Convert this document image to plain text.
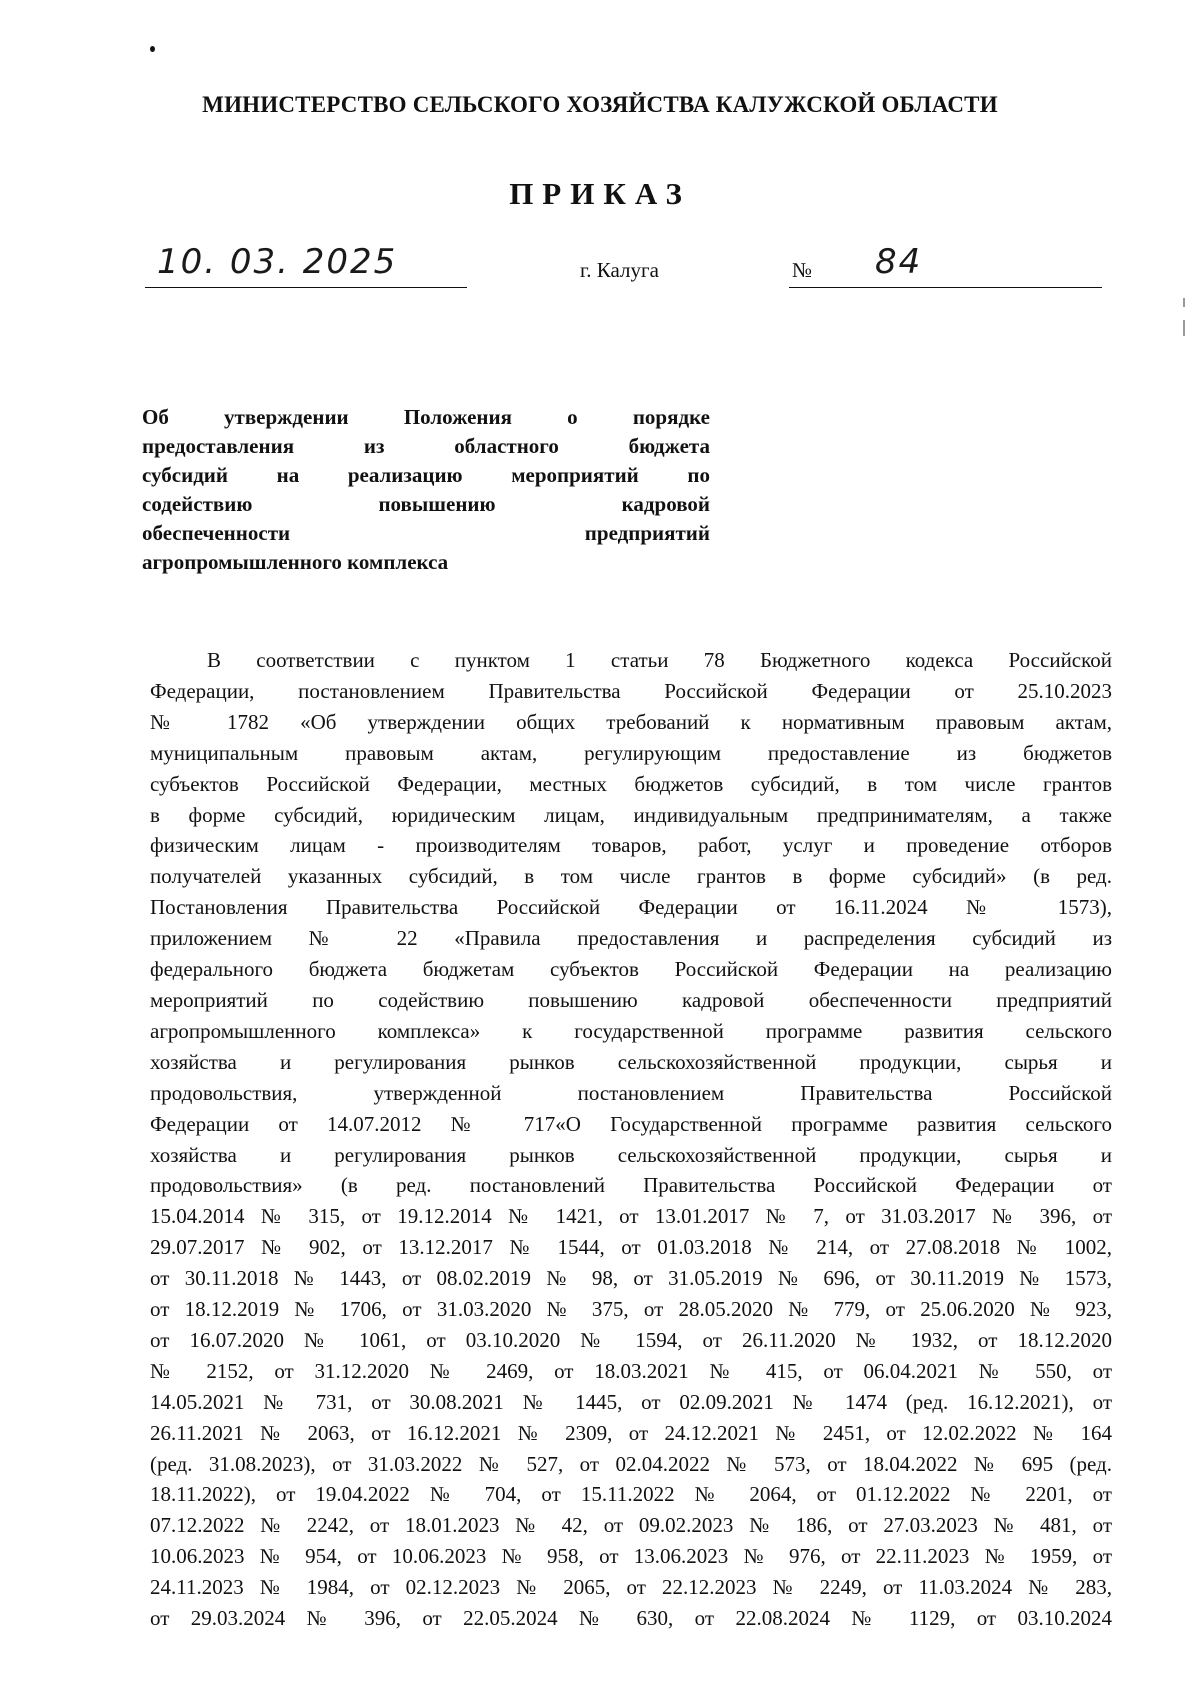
МИНИСТЕРСТВО СЕЛЬСКОГО ХОЗЯЙСТВА КАЛУЖСКОЙ ОБЛАСТИ
ПРИКАЗ
10. 03. 2025	г. Калуга	84
№
Об утверждении Положения о порядке
предоставления из областного бюджета
субсидий на реализацию мероприятий по
содействию повышению кадровой
обеспеченности предприятий
агропромышленного комплекса
В соответствии с пунктом 1 статьи 78 Бюджетного кодекса Российской
Федерации, постановлением Правительства Российской Федерации от 25.10.2023
№ 1782 «Об утверждении общих требований к нормативным правовым актам,
муниципальным правовым актам, регулирующим предоставление из бюджетов
субъектов Российской Федерации, местных бюджетов субсидий, в том числе грантов
в форме субсидий, юридическим лицам, индивидуальным предпринимателям, а также
физическим лицам - производителям товаров, работ, услуг и проведение отборов
получателей указанных субсидий, в том числе грантов в форме субсидий» (в ред.
Постановления Правительства Российской Федерации от 16.11.2024 № 1573),
приложением № 22 «Правила предоставления и распределения субсидий из
федерального бюджета бюджетам субъектов Российской Федерации на реализацию
мероприятий по содействию повышению кадровой обеспеченности предприятий
агропромышленного комплекса» к государственной программе развития сельского
хозяйства и регулирования рынков сельскохозяйственной продукции, сырья и
продовольствия, утвержденной постановлением Правительства Российской
Федерации от 14.07.2012 № 717«О Государственной программе развития сельского
хозяйства и регулирования рынков сельскохозяйственной продукции, сырья и
продовольствия» (в ред. постановлений Правительства Российской Федерации от
15.04.2014 № 315, от 19.12.2014 № 1421, от 13.01.2017 № 7, от 31.03.2017 № 396, от
29.07.2017 № 902, от 13.12.2017 № 1544, от 01.03.2018 № 214, от 27.08.2018 № 1002,
от 30.11.2018 № 1443, от 08.02.2019 № 98, от 31.05.2019 № 696, от 30.11.2019 № 1573,
от 18.12.2019 № 1706, от 31.03.2020 № 375, от 28.05.2020 № 779, от 25.06.2020 № 923,
от 16.07.2020 № 1061, от 03.10.2020 № 1594, от 26.11.2020 № 1932, от 18.12.2020
№ 2152, от 31.12.2020 № 2469, от 18.03.2021 № 415, от 06.04.2021 № 550, от
14.05.2021 № 731, от 30.08.2021 № 1445, от 02.09.2021 № 1474 (ред. 16.12.2021), от
26.11.2021 № 2063, от 16.12.2021 № 2309, от 24.12.2021 № 2451, от 12.02.2022 № 164
(ред. 31.08.2023), от 31.03.2022 № 527, от 02.04.2022 № 573, от 18.04.2022 № 695 (ред.
18.11.2022), от 19.04.2022 № 704, от 15.11.2022 № 2064, от 01.12.2022 № 2201, от
07.12.2022 № 2242, от 18.01.2023 № 42, от 09.02.2023 № 186, от 27.03.2023 № 481, от
10.06.2023 № 954, от 10.06.2023 № 958, от 13.06.2023 № 976, от 22.11.2023 № 1959, от
24.11.2023 № 1984, от 02.12.2023 № 2065, от 22.12.2023 № 2249, от 11.03.2024 № 283,
от 29.03.2024 № 396, от 22.05.2024 № 630, от 22.08.2024 № 1129, от 03.10.2024
